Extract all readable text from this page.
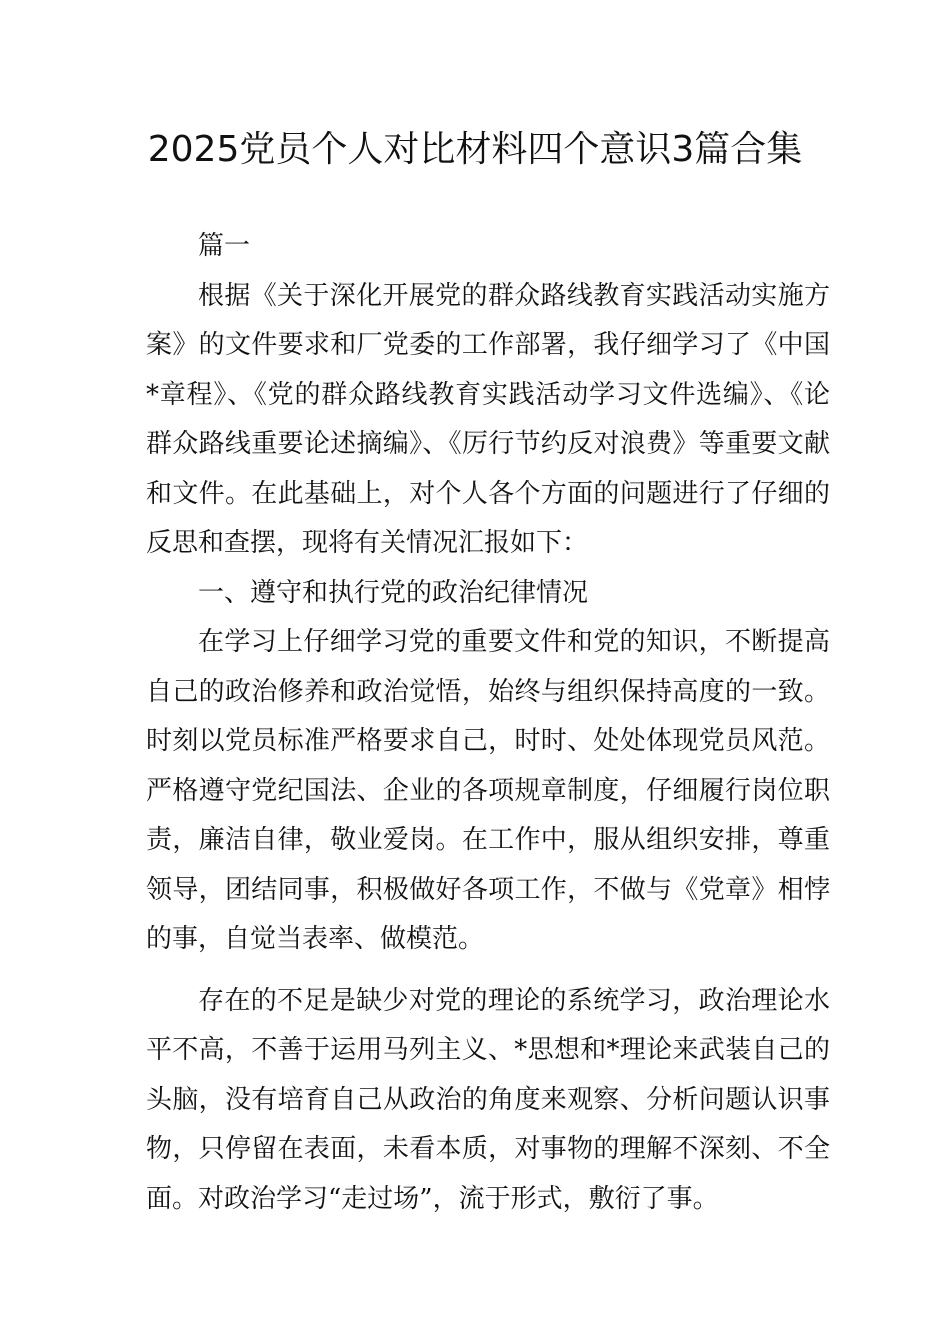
2025党员个人对比材料四个意识3篇合集

篇一

根据《关于深化开展党的群众路线教育实践活动实施方案》的文件要求和厂党委的工作部署，我仔细学习了《中国*章程》、《党的群众路线教育实践活动学习文件选编》、《论群众路线重要论述摘编》、《厉行节约反对浪费》等重要文献和文件。在此基础上，对个人各个方面的问题进行了仔细的反思和查摆，现将有关情况汇报如下：

一、遵守和执行党的政治纪律情况

在学习上仔细学习党的重要文件和党的知识，不断提高自己的政治修养和政治觉悟，始终与组织保持高度的一致。时刻以党员标准严格要求自己，时时、处处体现党员风范。严格遵守党纪国法、企业的各项规章制度，仔细履行岗位职责，廉洁自律，敬业爱岗。在工作中，服从组织安排，尊重领导，团结同事，积极做好各项工作，不做与《党章》相悖的事，自觉当表率、做模范。

存在的不足是缺少对党的理论的系统学习，政治理论水平不高，不善于运用马列主义、*思想和*理论来武装自己的头脑，没有培育自己从政治的角度来观察、分析问题认识事物，只停留在表面，未看本质，对事物的理解不深刻、不全面。对政治学习“走过场”，流于形式，敷衍了事。
